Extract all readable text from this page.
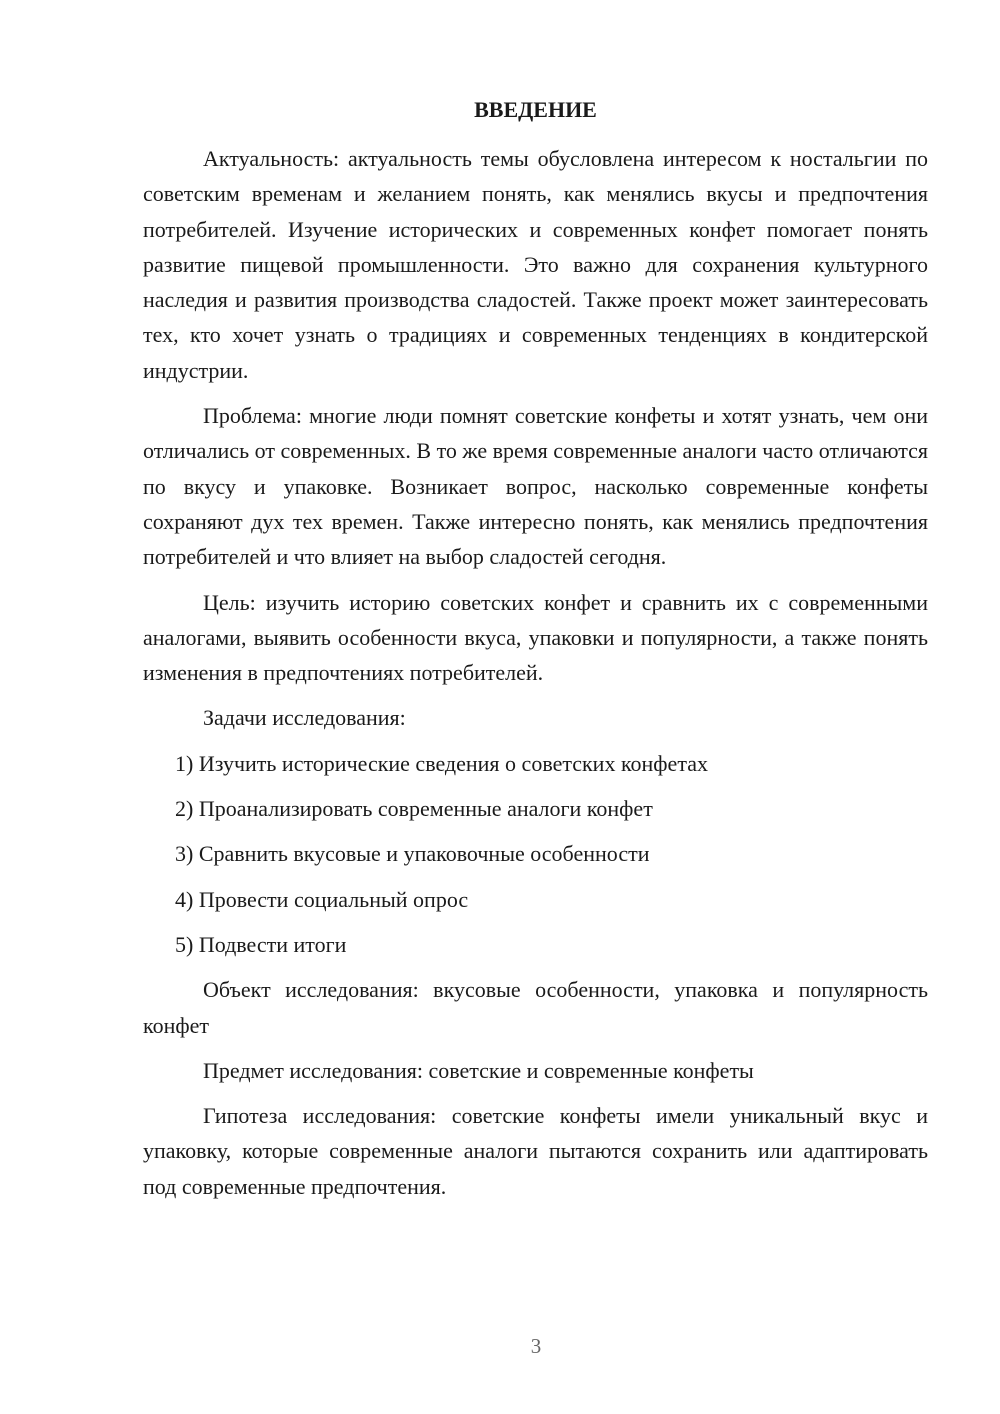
ВВЕДЕНИЕ

Актуальность: актуальность темы обусловлена интересом к ностальгии по советским временам и желанием понять, как менялись вкусы и предпочтения потребителей. Изучение исторических и современных конфет помогает понять развитие пищевой промышленности. Это важно для сохранения культурного наследия и развития производства сладостей. Также проект может заинтересовать тех, кто хочет узнать о традициях и современных тенденциях в кондитерской индустрии.

Проблема: многие люди помнят советские конфеты и хотят узнать, чем они отличались от современных. В то же время современные аналоги часто отличаются по вкусу и упаковке. Возникает вопрос, насколько современные конфеты сохраняют дух тех времен. Также интересно понять, как менялись предпочтения потребителей и что влияет на выбор сладостей сегодня.

Цель: изучить историю советских конфет и сравнить их с современными аналогами, выявить особенности вкуса, упаковки и популярности, а также понять изменения в предпочтениях потребителей.

Задачи исследования:
1) Изучить исторические сведения о советских конфетах
2) Проанализировать современные аналоги конфет
3) Сравнить вкусовые и упаковочные особенности
4) Провести социальный опрос
5) Подвести итоги

Объект исследования: вкусовые особенности, упаковка и популярность конфет

Предмет исследования: советские и современные конфеты

Гипотеза исследования: советские конфеты имели уникальный вкус и упаковку, которые современные аналоги пытаются сохранить или адаптировать под современные предпочтения.

3
